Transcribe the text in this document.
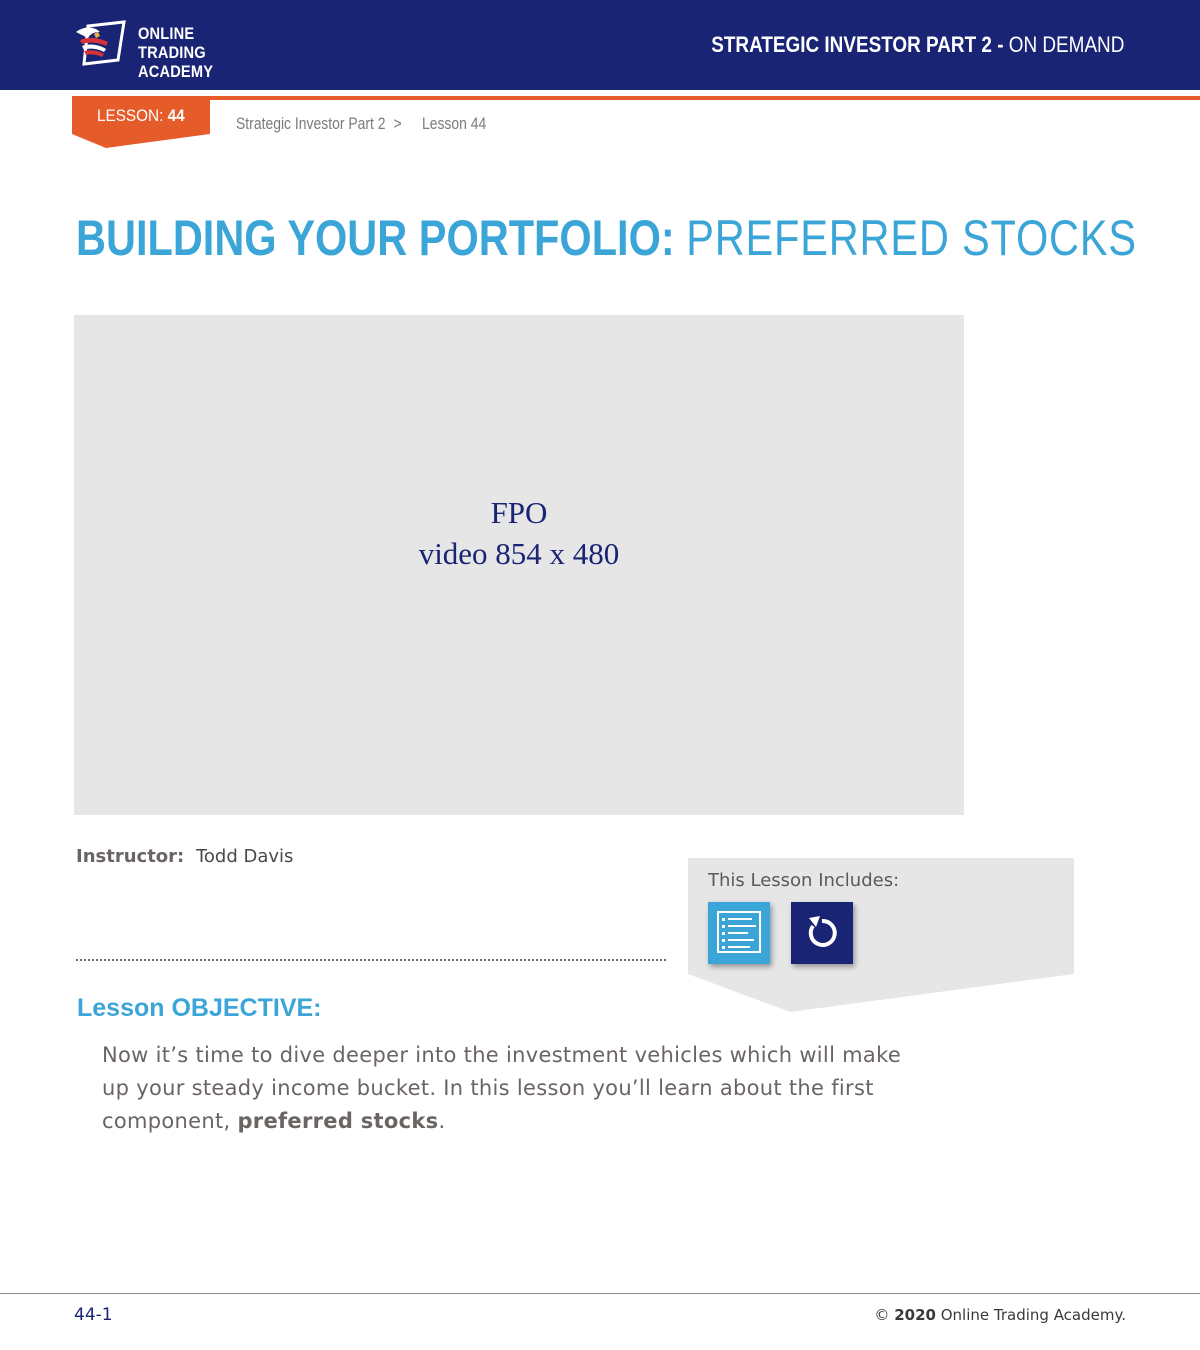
ONLINE TRADING
ACADEMY
STRATEGIC INVESTOR PART 2 - ON DEMAND
LESSON: 44	Strategic Investor Part 2 > Lesson 44
BUILDING YOUR PORTFOLIO: PREFERRED STOCKS
FPO
video 854 x 480
Instructor: Todd Davis
This Lesson Includes:
Lesson OBJECTIVE:
Now it’s time to dive deeper into the investment vehicles which will make up your steady income bucket. In this lesson you’ll learn about the first component, preferred stocks.
44-1	© 2020 Online Trading Academy.
